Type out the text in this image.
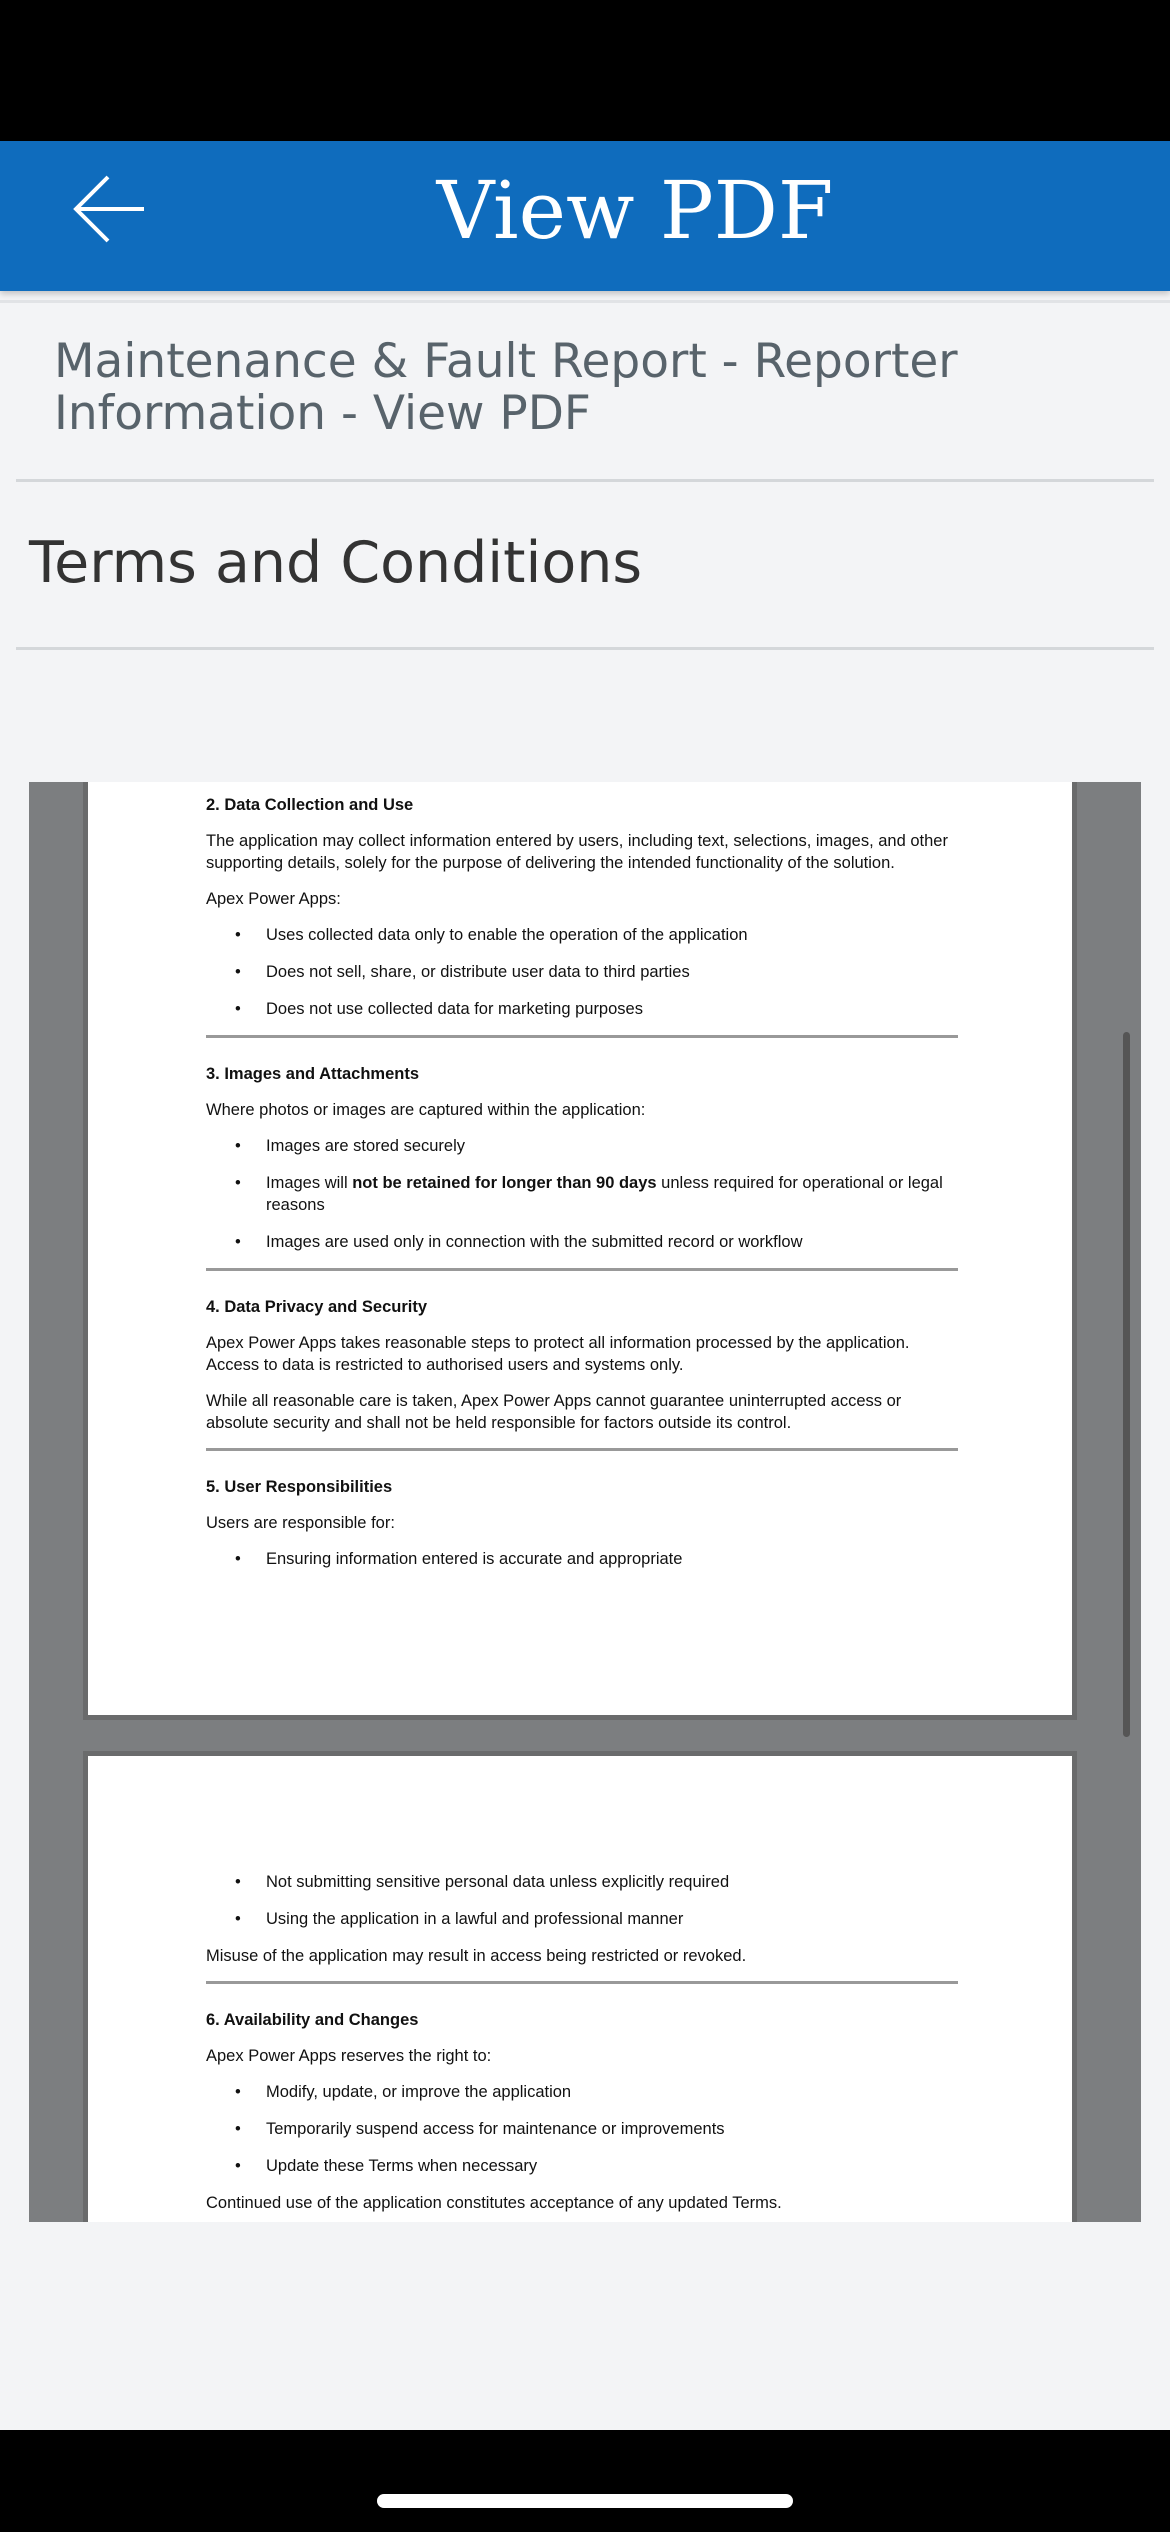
View PDF
Maintenance & Fault Report - Reporter Information - View PDF
Terms and Conditions
2. Data Collection and Use

The application may collect information entered by users, including text, selections, images, and other supporting details, solely for the purpose of delivering the intended functionality of the solution.

Apex Power Apps:

• Uses collected data only to enable the operation of the application
• Does not sell, share, or distribute user data to third parties
• Does not use collected data for marketing purposes
3. Images and Attachments

Where photos or images are captured within the application:

• Images are stored securely
• Images will not be retained for longer than 90 days unless required for operational or legal reasons
• Images are used only in connection with the submitted record or workflow
4. Data Privacy and Security

Apex Power Apps takes reasonable steps to protect all information processed by the application. Access to data is restricted to authorised users and systems only.

While all reasonable care is taken, Apex Power Apps cannot guarantee uninterrupted access or absolute security and shall not be held responsible for factors outside its control.

5. User Responsibilities

Users are responsible for:

• Ensuring information entered is accurate and appropriate
• Not submitting sensitive personal data unless explicitly required
• Using the application in a lawful and professional manner

Misuse of the application may result in access being restricted or revoked.

6. Availability and Changes

Apex Power Apps reserves the right to:

• Modify, update, or improve the application
• Temporarily suspend access for maintenance or improvements
• Update these Terms when necessary

Continued use of the application constitutes acceptance of any updated Terms.
